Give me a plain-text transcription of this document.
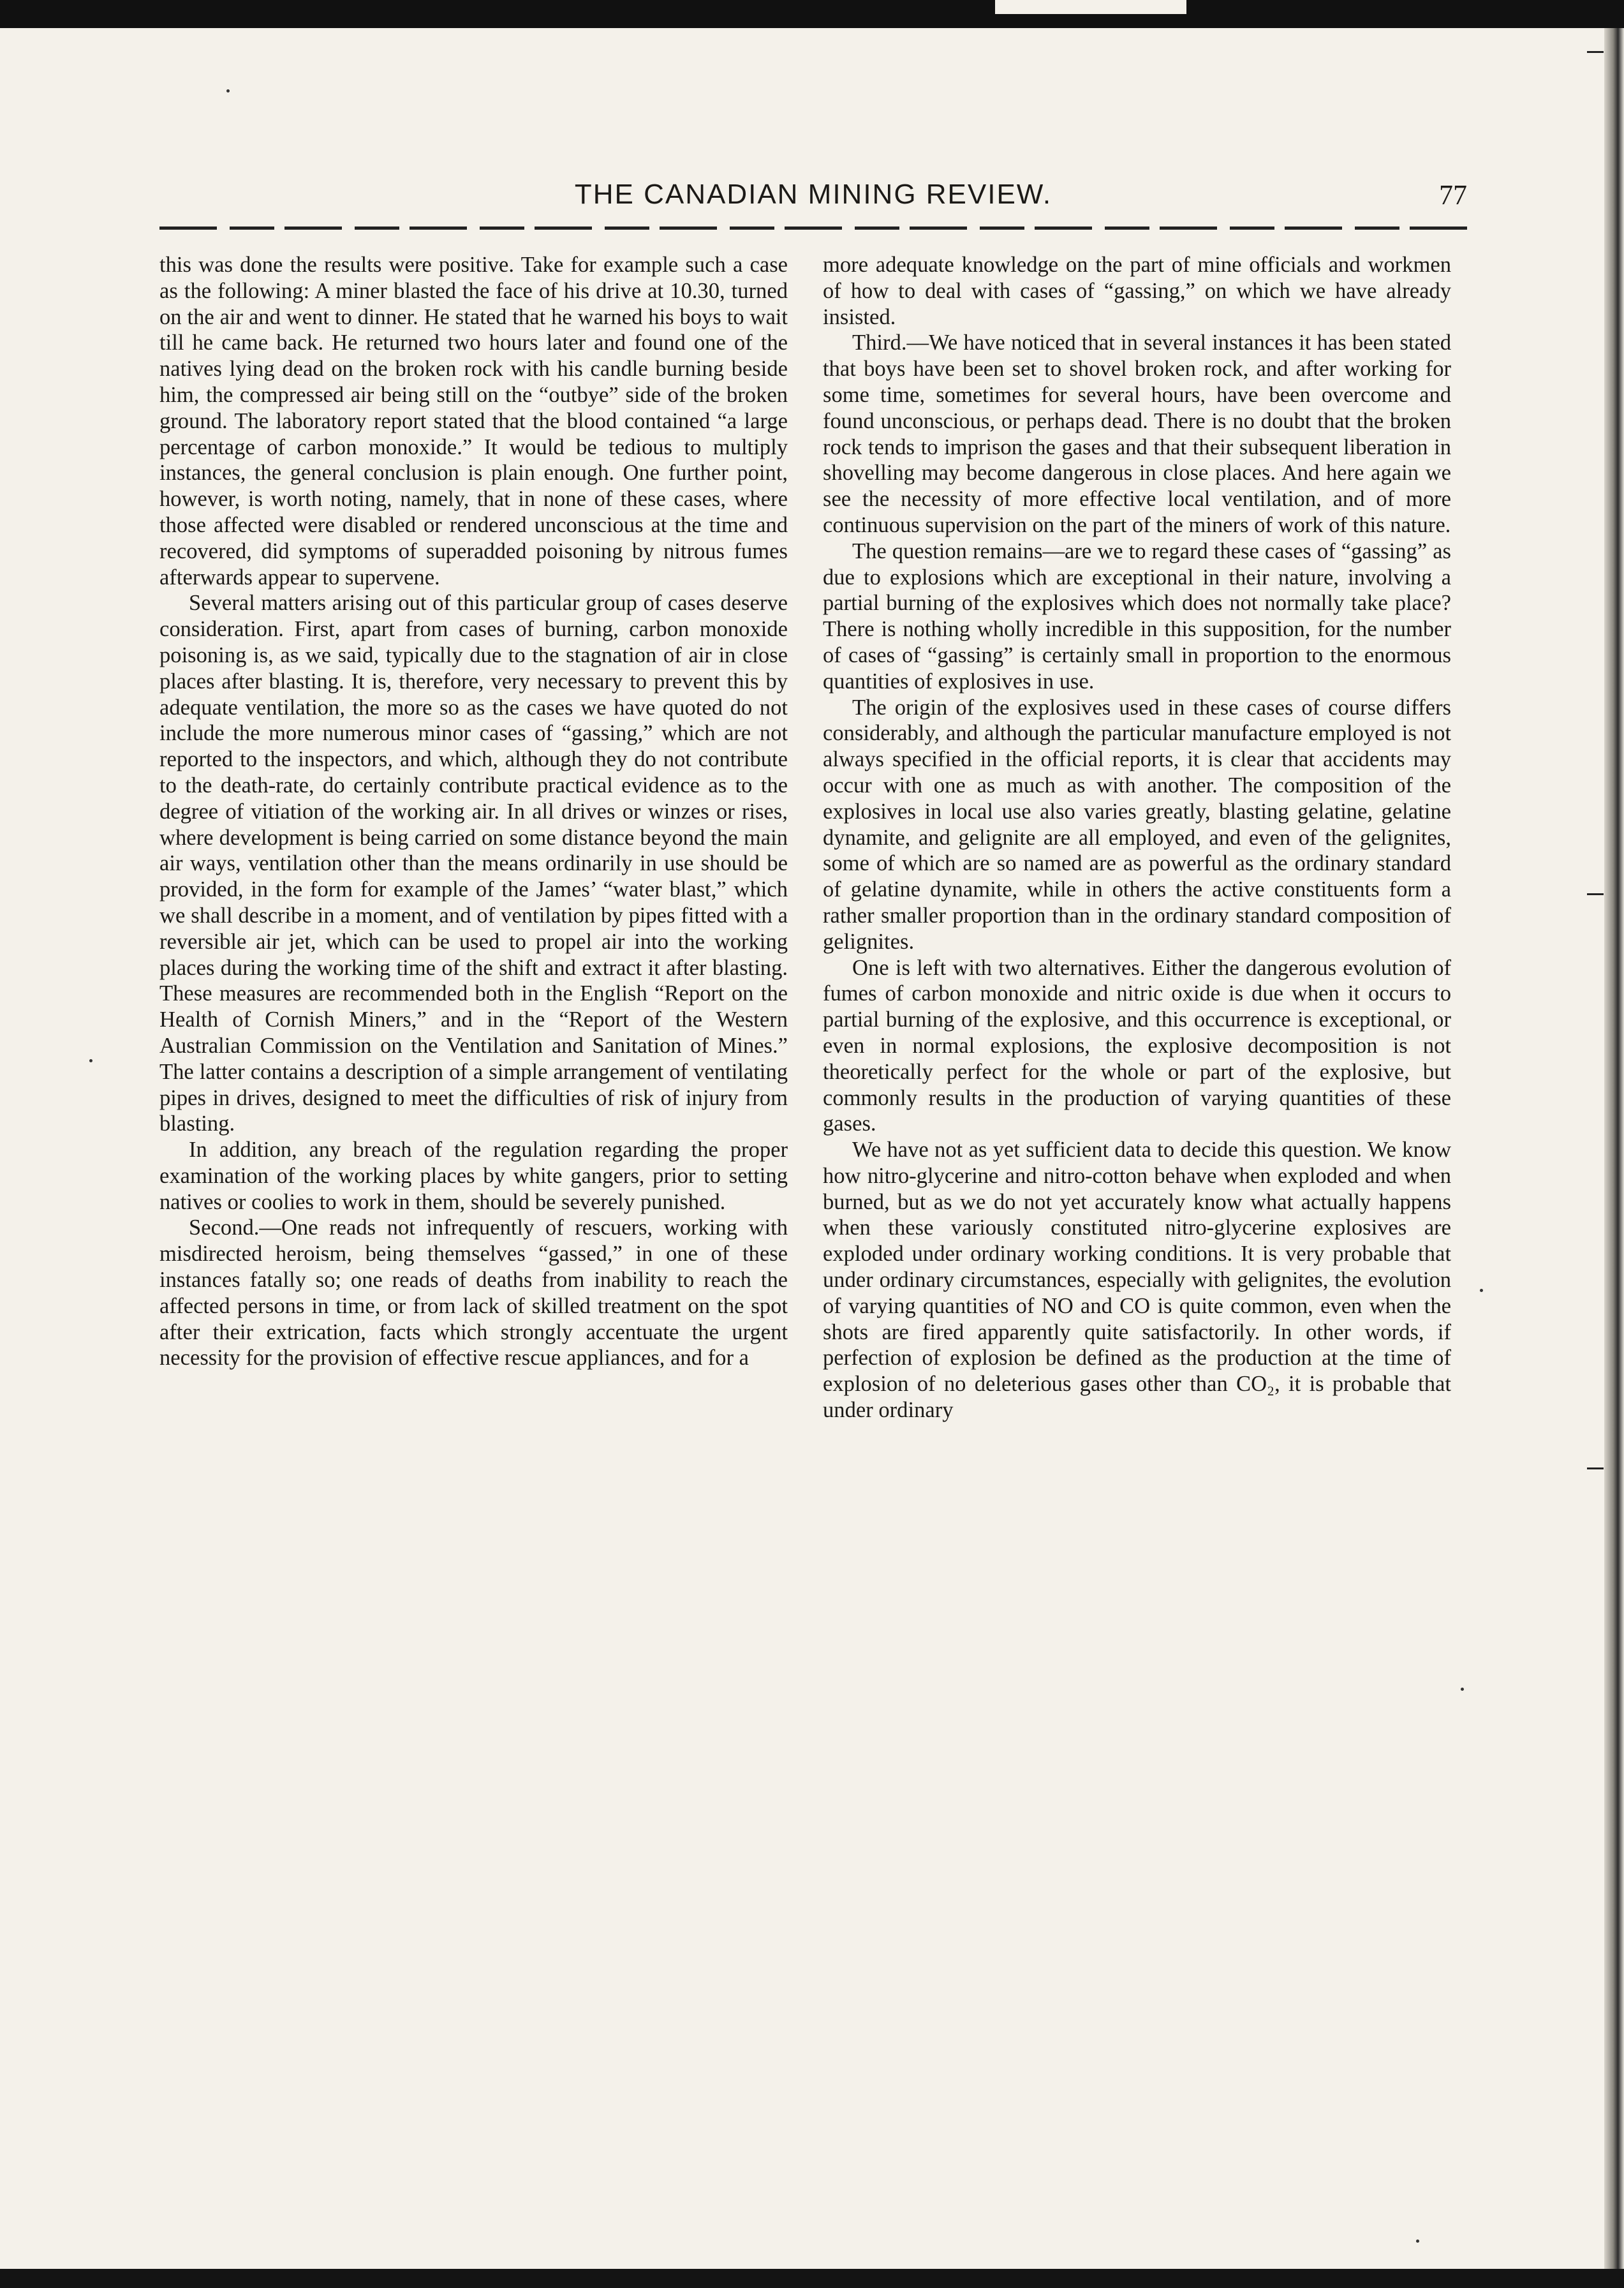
THE CANADIAN MINING REVIEW.	77

this was done the results were positive. Take for example such a case as the following: A miner blasted the face of his drive at 10.30, turned on the air and went to dinner. He stated that he warned his boys to wait till he came back. He returned two hours later and found one of the natives lying dead on the broken rock with his candle burning beside him, the compressed air being still on the “outbye” side of the broken ground. The laboratory report stated that the blood contained “a large percentage of carbon monoxide.” It would be tedious to multiply instances, the general conclusion is plain enough. One further point, however, is worth noting, namely, that in none of these cases, where those affected were disabled or rendered unconscious at the time and recovered, did symptoms of superadded poisoning by nitrous fumes afterwards appear to supervene.

Several matters arising out of this particular group of cases deserve consideration. First, apart from cases of burning, carbon monoxide poisoning is, as we said, typically due to the stagnation of air in close places after blasting. It is, therefore, very necessary to prevent this by adequate ventilation, the more so as the cases we have quoted do not include the more numerous minor cases of “gassing,” which are not reported to the inspectors, and which, although they do not contribute to the death-rate, do certainly contribute practical evidence as to the degree of vitiation of the working air. In all drives or winzes or rises, where development is being carried on some distance beyond the main air ways, ventilation other than the means ordinarily in use should be provided, in the form for example of the James’ “water blast,” which we shall describe in a moment, and of ventilation by pipes fitted with a reversible air jet, which can be used to propel air into the working places during the working time of the shift and extract it after blasting. These measures are recommended both in the English “Report on the Health of Cornish Miners,” and in the “Report of the Western Australian Commission on the Ventilation and Sanitation of Mines.” The latter contains a description of a simple arrangement of ventilating pipes in drives, designed to meet the difficulties of risk of injury from blasting.

In addition, any breach of the regulation regarding the proper examination of the working places by white gangers, prior to setting natives or coolies to work in them, should be severely punished.

Second.—One reads not infrequently of rescuers, working with misdirected heroism, being themselves “gassed,” in one of these instances fatally so; one reads of deaths from inability to reach the affected persons in time, or from lack of skilled treatment on the spot after their extrication, facts which strongly accentuate the urgent necessity for the provision of effective rescue appliances, and for a

more adequate knowledge on the part of mine officials and workmen of how to deal with cases of “gassing,” on which we have already insisted.

Third.—We have noticed that in several instances it has been stated that boys have been set to shovel broken rock, and after working for some time, sometimes for several hours, have been overcome and found unconscious, or perhaps dead. There is no doubt that the broken rock tends to imprison the gases and that their subsequent liberation in shovelling may become dangerous in close places. And here again we see the necessity of more effective local ventilation, and of more continuous supervision on the part of the miners of work of this nature.

The question remains—are we to regard these cases of “gassing” as due to explosions which are exceptional in their nature, involving a partial burning of the explosives which does not normally take place? There is nothing wholly incredible in this supposition, for the number of cases of “gassing” is certainly small in proportion to the enormous quantities of explosives in use.

The origin of the explosives used in these cases of course differs considerably, and although the particular manufacture employed is not always specified in the official reports, it is clear that accidents may occur with one as much as with another. The composition of the explosives in local use also varies greatly, blasting gelatine, gelatine dynamite, and gelignite are all employed, and even of the gelignites, some of which are so named are as powerful as the ordinary standard of gelatine dynamite, while in others the active constituents form a rather smaller proportion than in the ordinary standard composition of gelignites.

One is left with two alternatives. Either the dangerous evolution of fumes of carbon monoxide and nitric oxide is due when it occurs to partial burning of the explosive, and this occurrence is exceptional, or even in normal explosions, the explosive decomposition is not theoretically perfect for the whole or part of the explosive, but commonly results in the production of varying quantities of these gases.

We have not as yet sufficient data to decide this question. We know how nitro-glycerine and nitro-cotton behave when exploded and when burned, but as we do not yet accurately know what actually happens when these variously constituted nitro-glycerine explosives are exploded under ordinary working conditions. It is very probable that under ordinary circumstances, especially with gelignites, the evolution of varying quantities of NO and CO is quite common, even when the shots are fired apparently quite satisfactorily. In other words, if perfection of explosion be defined as the production at the time of explosion of no deleterious gases other than CO₂, it is probable that under ordinary
